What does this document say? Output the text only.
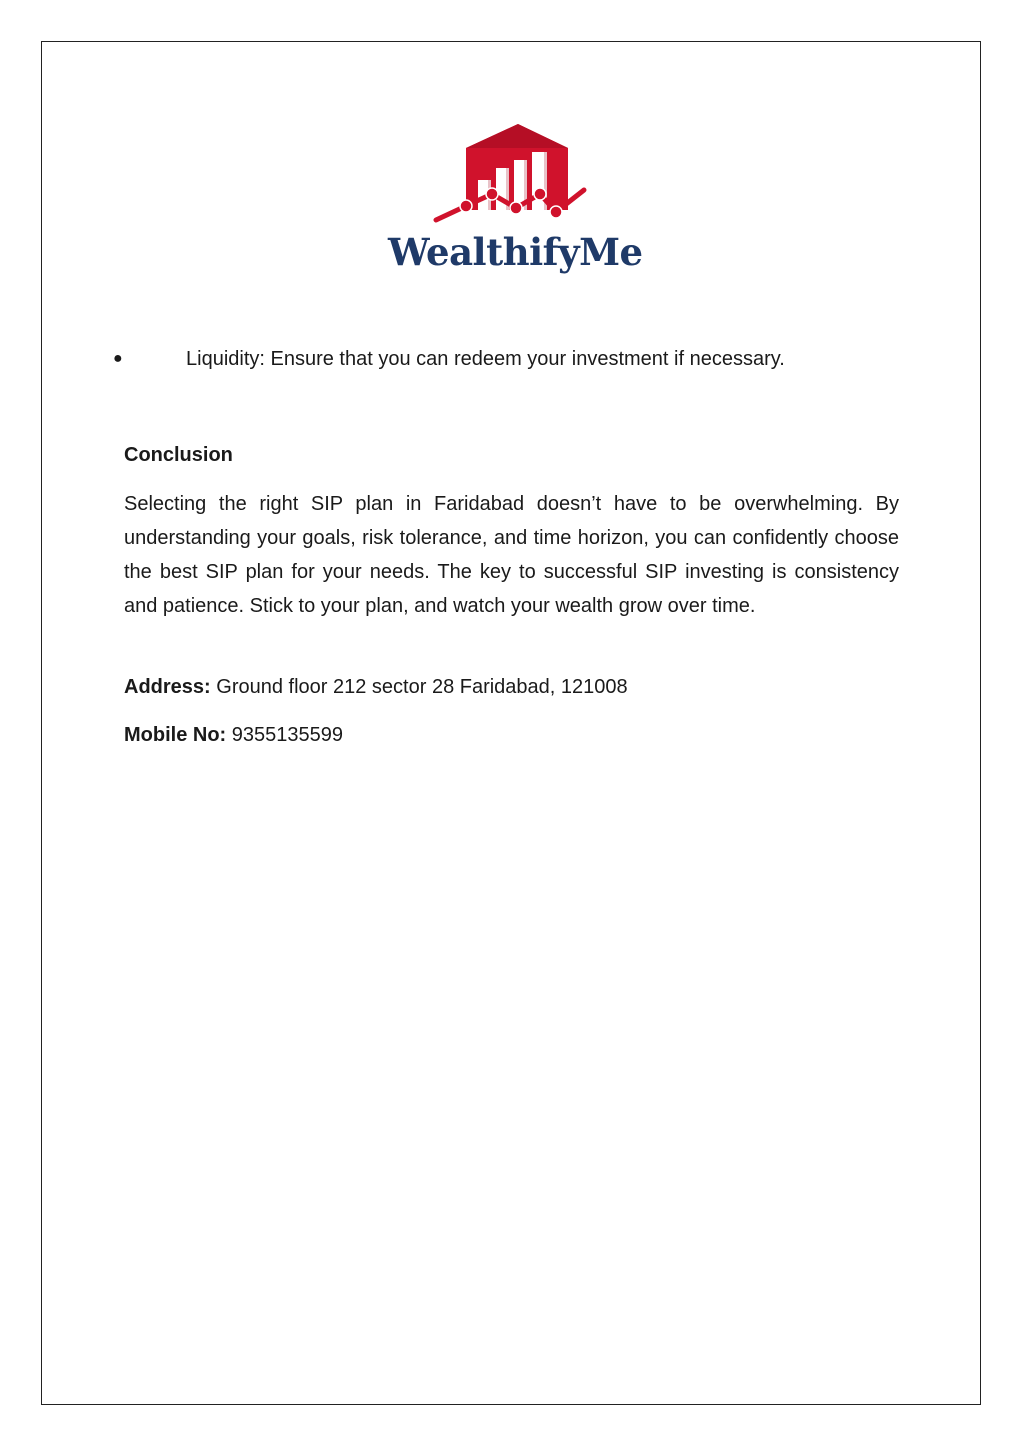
WealthifyMe
●	Liquidity: Ensure that you can redeem your investment if necessary.
Conclusion
Selecting the right SIP plan in Faridabad doesn’t have to be overwhelming. By understanding your goals, risk tolerance, and time horizon, you can confidently choose the best SIP plan for your needs. The key to successful SIP investing is consistency and patience. Stick to your plan, and watch your wealth grow over time.
Address: Ground floor 212 sector 28 Faridabad, 121008
Mobile No: 9355135599
